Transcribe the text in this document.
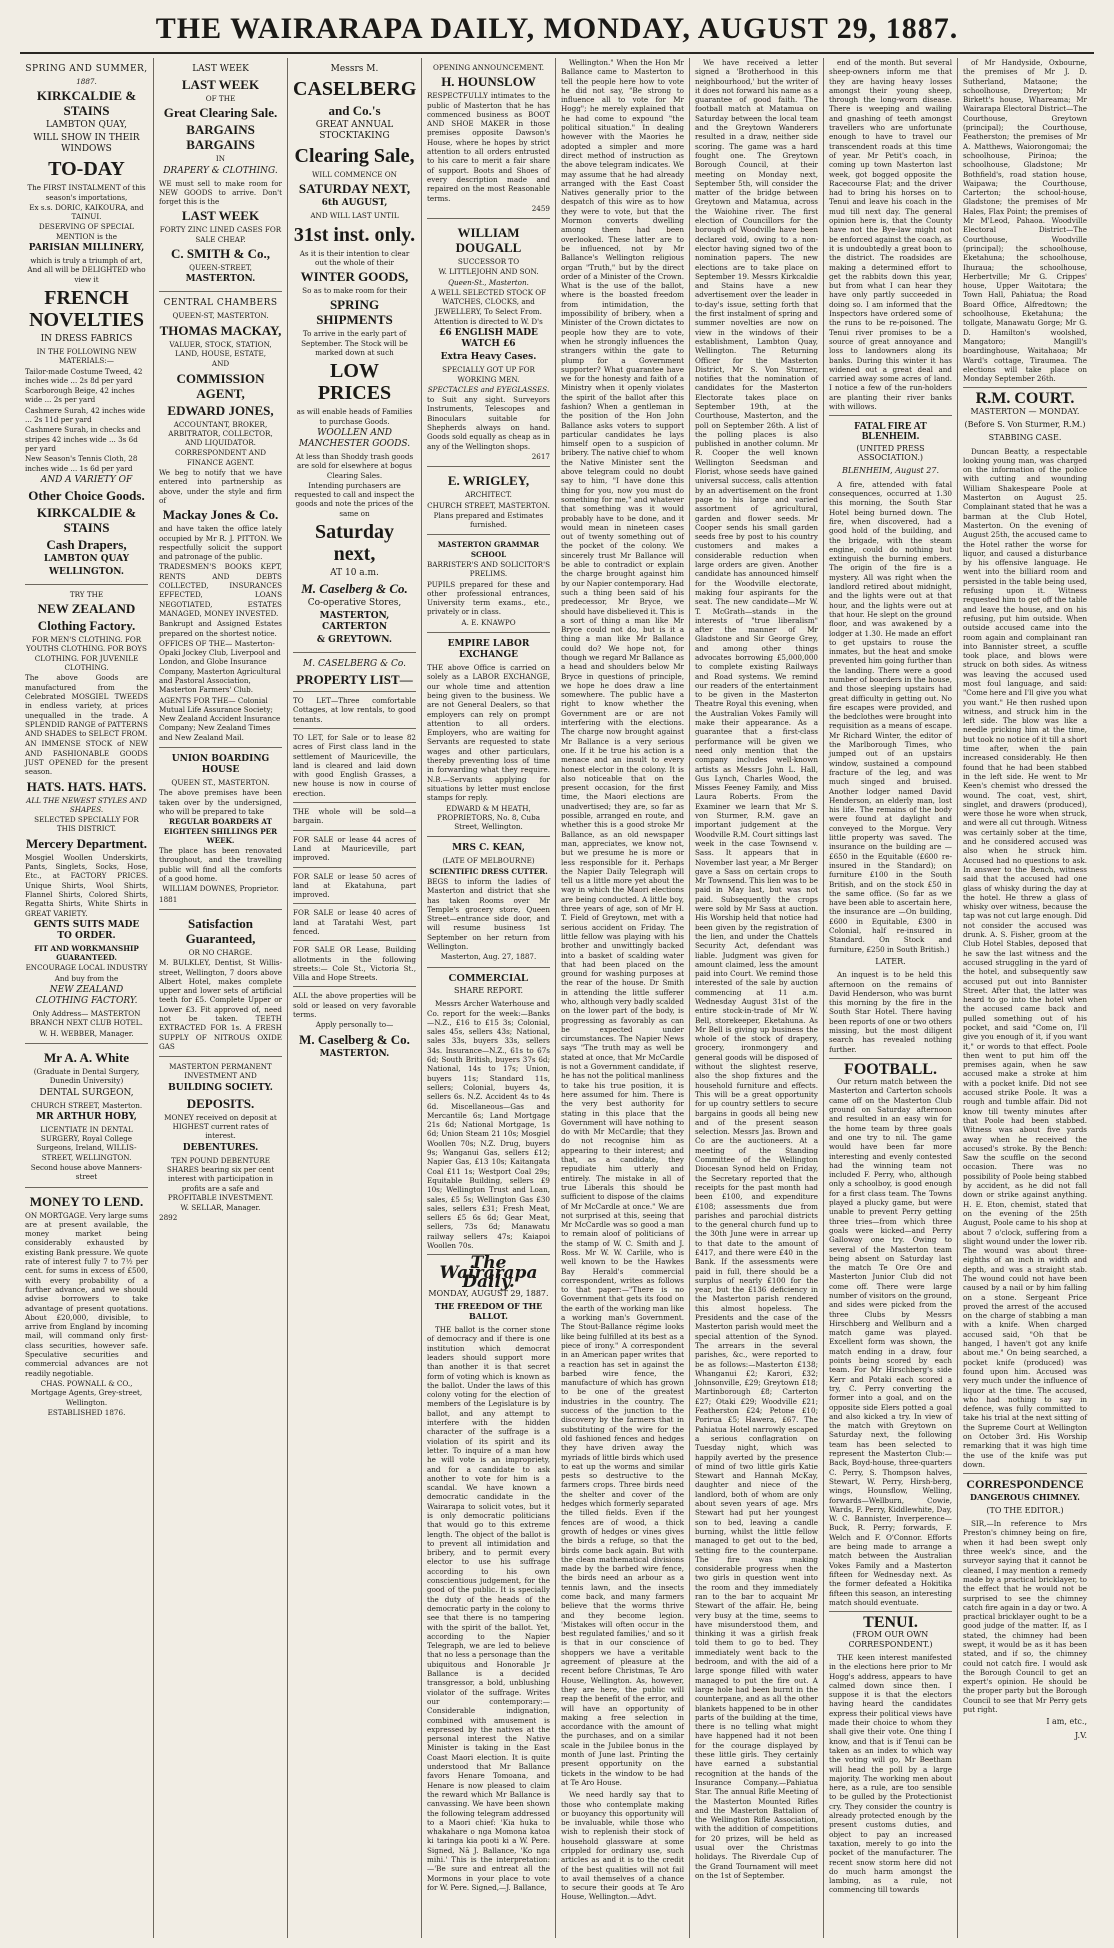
THE WAIRARAPA DAILY, MONDAY, AUGUST 29, 1887.
SPRING AND SUMMER,
1887.
KIRKCALDIE & STAINS
LAMBTON QUAY,
WILL SHOW IN THEIR WINDOWS
TO-DAY
The FIRST INSTALMENT of this season's importations,
Ex s.s. DORIC, KAIKOURA, and TAINUI.
DESERVING OF SPECIAL MENTION is the
PARISIAN MILLINERY,
which is truly a triumph of art, And all will be DELIGHTED who view it
FRENCH NOVELTIES
IN DRESS FABRICS
IN THE FOLLOWING NEW MATERIALS:—
Tailor-made Costume Tweed, 42 inches wide ... 2s 8d per yard
Scarborough Beige, 42 inches wide ... 2s per yard
Cashmere Surah, 42 inches wide ... 2s 11d per yard
Cashmere Surah, in checks and stripes 42 inches wide ... 3s 6d per yard
New Season's Tennis Cloth, 28 inches wide ... 1s 6d per yard
AND A VARIETY OF
Other Choice Goods.
KIRKCALDIE & STAINS
Cash Drapers,
LAMBTON QUAY
WELLINGTON.
TRY THE
NEW ZEALAND
Clothing Factory.
FOR MEN'S CLOTHING. FOR YOUTHS CLOTHING. FOR BOYS CLOTHING. FOR JUVENILE CLOTHING.
The above Goods are manufactured from the Celebrated MOSGIEL TWEEDS in endless variety, at prices unequalled in the trade. A SPLENDID RANGE of PATTERNS AND SHADES to SELECT FROM.
AN IMMENSE STOCK of NEW AND FASHIONABLE GOODS JUST OPENED for the present season.
HATS. HATS. HATS.
ALL THE NEWEST STYLES AND SHAPES.
SELECTED SPECIALLY FOR THIS DISTRICT.
Mercery Department.
Mosgiel Woollen Underskirts, Pants, Singlets, Socks, Hose, Etc., at FACTORY PRICES. Unique Shirts, Wool Shirts, Flannel Shirts, Colored Shirts, Regatta Shirts, White Shirts in GREAT VARIETY.
GENTS SUITS MADE TO ORDER.
FIT AND WORKMANSHIP GUARANTEED.
ENCOURAGE LOCAL INDUSTRY
And buy from the
NEW ZEALAND CLOTHING FACTORY.
Only Address— MASTERTON BRANCH NEXT CLUB HOTEL.
W. H. WEBBER, Manager.
Mr A. A. White
(Graduate in Dental Surgery, Dunedin University)
DENTAL SURGEON,
CHURCH STREET, Masterton.
MR ARTHUR HOBY,
LICENTIATE IN DENTAL SURGERY, Royal College Surgeons, Ireland, WILLIS-STREET, WELLINGTON.
Second house above Manners-street
MONEY TO LEND.
ON MORTGAGE. Very large sums are at present available, the money market being considerably exhausted by existing Bank pressure. We quote rate of interest fully 7 to 7½ per cent. for sums in excess of £500, with every probability of a further advance, and we should advise borrowers to take advantage of present quotations. About £20,000, divisible, to arrive from England by incoming mail, will command only first-class securities, however safe. Speculative securities and commercial advances are not readily negotiable.
CHAS. POWNALL & CO., Mortgage Agents, Grey-street, Wellington.
ESTABLISHED 1876.
LAST WEEK
LAST WEEK
OF THE
Great Clearing Sale.
BARGAINS BARGAINS
IN
DRAPERY & CLOTHING.
WE must sell to make room for NEW GOODS to arrive. Don't forget this is the
LAST WEEK
FORTY ZINC LINED CASES FOR SALE CHEAP.
C. SMITH & Co.,
QUEEN-STREET,
MASTERTON.
CENTRAL CHAMBERS
QUEEN-ST, MASTERTON.
THOMAS MACKAY,
VALUER, STOCK, STATION, LAND, HOUSE, ESTATE,
AND
COMMISSION AGENT,
EDWARD JONES,
ACCOUNTANT, BROKER, ARBITRATOR, COLLECTOR, AND LIQUIDATOR.
CORRESPONDENT AND FINANCE AGENT.
We beg to notify that we have entered into partnership as above, under the style and firm of
Mackay Jones & Co.
and have taken the office lately occupied by Mr R. J. PITTON. We respectfully solicit the support and patronage of the public.
TRADESMEN'S BOOKS KEPT, RENTS AND DEBTS COLLECTED, INSURANCES EFFECTED, LOANS NEGOTIATED, ESTATES MANAGED, MONEY INVESTED.
Bankrupt and Assigned Estates prepared on the shortest notice.
OFFICES OF THE— Masterton-Opaki Jockey Club, Liverpool and London, and Globe Insurance Company, Masterton Agricultural and Pastoral Association, Masterton Farmers' Club.
AGENTS FOR THE— Colonial Mutual Life Assurance Society; New Zealand Accident Insurance Company; New Zealand Times and New Zealand Mail.
UNION BOARDING HOUSE
QUEEN ST., MASTERTON.
The above premises have been taken over by the undersigned, who will be prepared to take
REGULAR BOARDERS AT EIGHTEEN SHILLINGS PER WEEK.
The place has been renovated throughout, and the travelling public will find all the comforts of a good home.
WILLIAM DOWNES, Proprietor.
1881
Satisfaction Guaranteed,
OR NO CHARGE.
M. BULKLEY, Dentist, St Willis-street, Wellington, 7 doors above Albert Hotel, makes complete upper and lower sets of artificial teeth for £5. Complete Upper or Lower £3. Fit approved of, need not be taken. TEETH EXTRACTED FOR 1s. A FRESH SUPPLY OF NITROUS OXIDE GAS
MASTERTON PERMANENT INVESTMENT AND
BUILDING SOCIETY.
DEPOSITS.
MONEY received on deposit at HIGHEST current rates of interest.
DEBENTURES.
TEN POUND DEBENTURE SHARES bearing six per cent interest with participation in profits are a safe and PROFITABLE INVESTMENT.
W. SELLAR, Manager.
2892
Messrs M.
CASELBERG
and Co.'s
GREAT ANNUAL STOCKTAKING
Clearing Sale,
WILL COMMENCE ON
SATURDAY NEXT,
6th AUGUST,
AND WILL LAST UNTIL
31st inst. only.
As it is their intention to clear out the whole of their
WINTER GOODS,
So as to make room for their
SPRING SHIPMENTS
To arrive in the early part of September. The Stock will be marked down at such
LOW PRICES
as will enable heads of Families to purchase Goods.
WOOLLEN AND MANCHESTER GOODS.
At less than Shoddy trash goods are sold for elsewhere at bogus Clearing Sales.
Intending purchasers are requested to call and inspect the goods and note the prices of the same on
Saturday next,
AT 10 a.m.
M. Caselberg & Co.
Co-operative Stores,
MASTERTON, CARTERTON
& GREYTOWN.
M. CASELBERG & Co.
PROPERTY LIST—
TO LET—Three comfortable Cottages, at low rentals, to good tenants.
TO LET, for Sale or to lease 82 acres of First class land in the settlement of Mauriceville, the land is cleared and laid down with good English Grasses, a new house is now in course of erection.
THE whole will be sold—a bargain.
FOR SALE or lease 44 acres of Land at Mauriceville, part improved.
FOR SALE or lease 50 acres of land at Ekatahuna, part improved.
FOR SALE or lease 40 acres of land at Taratahi West, part fenced.
FOR SALE OR Lease, Building allotments in the following streets:— Cole St., Victoria St., Villa and Hope Streets.
ALL the above properties will be sold or leased on very favorable terms.
Apply personally to—
M. Caselberg & Co.
MASTERTON.
OPENING ANNOUNCEMENT.
H. HOUNSLOW
RESPECTFULLY intimates to the public of Masterton that he has commenced business as BOOT AND SHOE MAKER in those premises opposite Dawson's House, where he hopes by strict attention to all orders entrusted to his care to merit a fair share of support. Boots and Shoes of every description made and repaired on the most Reasonable terms.
2459
WILLIAM DOUGALL
SUCCESSOR TO
W. LITTLEJOHN AND SON.
Queen-St., Masterton.
A WELL SELECTED STOCK OF WATCHES, CLOCKS, and JEWELLERY, To Select From.
Attention is directed to W. D's
£6 ENGLISH MADE WATCH £6
Extra Heavy Cases.
SPECIALLY GOT UP FOR WORKING MEN.
SPECTACLES and EYEGLASSES.
to Suit any sight. Surveyors Instruments, Telescopes and Binoculars suitable for Shepherds always on hand. Goods sold equally as cheap as in any of the Wellington shops.
2617
E. WRIGLEY,
ARCHITECT.
CHURCH STREET, MASTERTON.
Plans prepared and Estimates furnished.
MASTERTON GRAMMAR SCHOOL
BARRISTER'S AND SOLICITOR'S PRELIMS.
PUPILS prepared for these and other professional entrances, University term exams., etc., privately or in class.
A. E. KNAWPO
EMPIRE LABOR EXCHANGE
THE above Office is carried on solely as a LABOR EXCHANGE, our whole time and attention being given to the business. We are not General Dealers, so that employers can rely on prompt attention to all orders. Employers, who are waiting for Servants are requested to state wages and other particulars, thereby preventing loss of time in forwarding what they require. N.B.—Servants applying for situations by letter must enclose stamps for reply.
EDWARD & M HEATH, PROPRIETORS, No. 8, Cuba Street, Wellington.
MRS C. KEAN,
(LATE OF MELBOURNE)
SCIENTIFIC DRESS CUTTER.
BEGS to inform the ladies of Masterton and district that she has taken Rooms over Mr Temple's grocery store, Queen Street—entrance side door, and will resume business 1st September on her return from Wellington.
Masterton, Aug. 27, 1887.
COMMERCIAL
SHARE REPORT.

Messrs Archer Waterhouse and Co. report for the week:—Banks—N.Z., £16 to £15 3s; Colonial, sales 45s, sellers 43s; National, sales 33s, buyers 33s, sellers 34s. Insurance—N.Z., 61s to 67s 6d; South British, buyers 37s 6d; National, 14s to 17s; Union, buyers 11s; Standard 11s, sellers; Colonial, buyers 4s, sellers 6s. N.Z. Accident 4s to 4s 6d. Miscellaneous—Gas and Mercantile 6s; Land Mortgage 21s 6d; National Mortgage, 1s 6d; Union Steam 21 10s; Mosgiel Woollen 70s; N.Z. Drug, buyers 9s; Wanganui Gas, sellers £12; Napier Gas, £13 10s; Kaitangata Coal £11 1s; Westport Coal 29s; Equitable Building, sellers £9 10s; Wellington Trust and Loan, sales, £5 5s; Wellington Gas £30 sales, sellers £31; Fresh Meat, sellers £5 6s 6d; Gear Meat, sellers, 73s 6d; Manawatu railway sellers 47s; Kaiapoi Woollen 70s.

The Wairarapa Daily.
MONDAY, AUGUST 29, 1887.
THE FREEDOM OF THE BALLOT.

THE ballot is the corner stone of democracy and if there is one institution which democrat leaders should support more than another it is that secret form of voting which is known as the ballot. Under the laws of this colony voting for the election of members of the Legislature is by ballot, and any attempt to interfere with the hidden character of the suffrage is a violation of its spirit and its letter. To inquire of a man how he will vote is an impropriety, and for a candidate to ask another to vote for him is a scandal. We have known a democratic candidate in the Wairarapa to solicit votes, but it is only democratic politicians that would go to this extreme length. The object of the ballot is to prevent all intimidation and bribery, and to permit every elector to use his suffrage according to his own conscientious judgement, for the good of the public. It is specially the duty of the heads of the democratic party in the colony to see that there is no tampering with the spirit of the ballot. Yet, according to the Napier Telegraph, we are led to believe that no less a personage than the ubiquitous and Honorable Jr Ballance is a decided transgressor, a bold, unblushing violator of the suffrage. Writes our contemporary:— Considerable indignation, combined with amusement is expressed by the natives at the personal interest the Native Minister is taking in the East Coast Maori election. It is quite understood that Mr Ballance favors Henare Tomoana, and Henare is now pleased to claim the reward which Mr Ballance is canvassing. We have been shown the following telegram addressed to a Maori chief: 'Kia huka to whakahare o nga Momona katoa ki taringa kia pooti ki a W. Pere. Signed, Nā J. Ballance, 'Ko nga mihi.' This is the interpretation:—'Be sure and entreat all the Mormons in your place to vote for W. Pere. Signed,—J. Ballance,

Wellington." When the Hon Mr Ballance came to Masterton to tell the people here how to vote he did not say, "Be strong to influence all to vote for Mr Hogg"; he merely explained that he had come to expound "the political situation." In dealing however with the Maories he adopted a simpler and more direct method of instruction as the above telegram indicates. We may assume that he had already arranged with the East Coast Natives generally prior to the despatch of this wire as to how they were to vote, but that the Mormon converts dwelling among them had been overlooked. These latter are to be influenced, not by Mr Ballance's Wellington religious organ "Truth," but by the direct order of a Minister of the Crown. What is the use of the ballot, where is the boasted freedom from intimidation, the impossibility of bribery, when a Minister of the Crown dictates to people how they are to vote, when he strongly influences the strangers within the gate to plump for a Government supporter? What guarantee have we for the honesty and faith of a Ministry when it openly violates the spirit of the ballot after this fashion? When a gentleman in the position of the Hon John Ballance asks voters to support particular candidates he lays himself open to a suspicion of bribery. The native chief to whom the Native Minister sent the above telegram could no doubt say to him, "I have done this thing for you, now you must do something for me," and whatever that something was it would probably have to be done, and it would mean in nineteen cases out of twenty something out of the pocket of the colony. We sincerely trust Mr Ballance will be able to contradict or explain the charge brought against him by our Napier contemporary. Had such a thing been said of his predecessor, Mr Bryce, we should have disbelieved it. This is a sort of thing a man like Mr Bryce could not do, but is it a thing a man like Mr Ballance could do? We hope not, for though we regard Mr Ballance as a head and shoulders below Mr Bryce in questions of principle, we hope he does draw a line somewhere. The public have a right to know whether the Government are or are not interfering with the elections. The charge now brought against Mr Ballance is a very serious one. If it be true his action is a menace and an insult to every honest elector in the colony. It is also noticeable that on the present occasion, for the first time, the Maori elections are unadvertised; they are, so far as possible, arranged en route, and whether this is a good stroke Mr Ballance, as an old newspaper man, appreciates, we know not, but we presume he is more or less responsible for it. Perhaps the Napier Daily Telegraph will tell us a little more yet about the way in which the Maori elections are being conducted. A little boy, three years of age, son of Mr H. T. Field of Greytown, met with a serious accident on Friday. The little fellow was playing with his brother and unwittingly backed into a basket of scalding water that had been placed on the ground for washing purposes at the rear of the house. Dr Smith in attending the little sufferer who, although very badly scalded on the lower part of the body, is progressing as favorably as can be expected under circumstances. The Napier News says "The truth may as well be stated at once, that Mr McCardle is not a Government candidate, if he has not the political manliness to take his true position, it is here assumed for him. There is the very best authority for stating in this place that the Government will have nothing to do with Mr McCardle; that they do not recognise him as appearing to their interest; and that, as a candidate, they repudiate him utterly and entirely. The mistake in all of true Liberals this should be sufficient to dispose of the claims of Mr McCardle at once." We are not surprised at this, seeing that Mr McCardle was so good a man to remain aloof of politicians of the stamp of W. C. Smith and J. Ross. Mr W. W. Carlile, who is well known to be the Hawkes Bay Herald's commercial correspondent, writes as follows to that paper:—"There is no Government that gets its food on the earth of the working man like a working man's Government. The Stout-Ballance régime looks like being fulfilled at its best as a piece of irony." A correspondent in an American paper writes that a reaction has set in against the barbed wire fence, the manufacture of which has grown to be one of the greatest industries in the country. The success of the junction to the discovery by the farmers that in substituting of the wire for the old fashioned fences and hedges they have driven away the myriads of little birds which used to eat up the worms and similar pests so destructive to the farmers crops. Three birds need the shelter and cover of the hedges which formerly separated the tilled fields. Even if the fences are of wood, a thick growth of hedges or vines gives the birds a refuge, so that the birds come back again. But with the clean mathematical divisions made by the barbed wire fence, the birds need an arbour as a tennis lawn, and the insects come back, and many farmers believe that the worms thrive and they become legion. 'Mistakes will often occur in the best regulated families,' and so it is that in our conscience of shoppers we have a veritable agreement of pleasure at the recent before Christmas, Te Aro House, Wellington. As, however, they are here, the public will reap the benefit of the error, and will have an opportunity of making a free selection in accordance with the amount of the purchases, and on a similar scale in the Jubilee bonus in the month of June last. Printing the present opportunity on the tickets in the window to be had at Te Aro House.

We need hardly say that to those who contemplate making or buoyancy this opportunity will be invaluable, while those who wish to replenish their stock of household glassware at some crippled for ordinary use, such articles as and it is to the credit of the best qualities will not fail to avail themselves of a chance to secure their goods at Te Aro House, Wellington.—Advt.

We have received a letter signed a 'Brotherhood in this neighbourhood,' but the writer of it does not forward his name as a guarantee of good faith. The football match at Matamua on Saturday between the local team and the Greytown Wanderers resulted in a draw, neither side scoring. The game was a hard fought one. The Greytown Borough Council, at their meeting on Monday next, September 5th, will consider the matter of the bridge between Greytown and Matamua, across the Waiohine river. The first election of Councillors for the borough of Woodville have been declared void, owing to a non-elector having signed two of the nomination papers. The new elections are to take place on September 19. Messrs Kirkcaldie and Stains have a new advertisement over the leader in to-day's issue, setting forth that the first instalment of spring and summer novelties are now on view in the windows of their establishment, Lambton Quay, Wellington. The Returning Officer for the Masterton District, Mr S. Von Sturmer, notifies that the nomination of candidates for the Masterton Electorate takes place on September 19th, at the Courthouse, Masterton, and the poll on September 26th. A list of the polling places is also published in another column. Mr R. Cooper the well known Wellington Seedsman and Florist, whose seeds have gained universal success, calls attention by an advertisement on the front page to his large and varied assortment of agricultural, garden and flower seeds. Mr Cooper sends his small garden seeds free by post to his country customers and makes a considerable reduction when large orders are given. Another candidate has announced himself for the Woodville electorate, making four aspirants for the seat. The new candidate—Mr W. T. McGrath—stands in the interests of "true liberalism" after the manner of Mr Gladstone and Sir George Grey, and among other things advocates borrowing £5,000,000 to complete existing Railways and Road systems. We remind our readers of the entertainment to be given in the Masterton Theatre Royal this evening, when the Australian Vokes Family will make their appearance. As a guarantee that a first-class performance will be given we need only mention that the company includes well-known artists as Messrs John L. Hall, Gus Lynch, Charles Wood, the Misses Feeney Family, and Miss Laura Roberts. From the Examiner we learn that Mr S. von Sturmer, R.M. gave an important judgement at the Woodville R.M. Court sittings last week in the case Townsend v. Sass. It appears that in November last year, a Mr Berger gave a Sass on certain crops to Mr Townsend. This lien was to be paid in May last, but was not paid. Subsequently the crops were sold by Mr Sass at auction. His Worship held that notice had been given by the registration of the lien, and under the Chattels Security Act, defendant was liable. Judgment was given for amount claimed, less the amount paid into Court. We remind those interested of the sale by auction commencing at 11 a.m. Wednesday August 31st of the entire stock-in-trade of Mr W. Bell, storekeeper, Eketahuna. As Mr Bell is giving up business the whole of the stock of drapery, grocery, ironmongery and general goods will be disposed of without the slightest reserve, also the shop fixtures and the household furniture and effects. This will be a great opportunity for up country settlers to secure bargains in goods all being new and of the present season selection. Messrs Jas. Brown and Co are the auctioneers. At a meeting of the Standing Committee of the Wellington Diocesan Synod held on Friday, the Secretary reported that the receipts for the past month had been £100, and expenditure £108; assessments due from parishes and parochial districts to the general church fund up to the 30th June were in arrear up to that date to the amount of £417, and there were £40 in the Bank. If the assessments were paid in full, there should be a surplus of nearly £100 for the year, but the £136 deficiency in the Masterton parish rendered this almost hopeless. The Presidents and the case of the Masterton parish would meet the special attention of the Synod. The arrears in the several parishes, &c., were reported to be as follows:—Masterton £138; Whanganui £2; Karori, £32; Johnsonville, £29; Greytown £18; Martinborough £8; Carterton £27; Otaki £29; Woodville £21; Featherston £24; Petone £10; Porirua £5; Hawera, £67. The Pahiatua Hotel narrowly escaped a serious conflagration on Tuesday night, which was happily averted by the presence of mind of two little girls Katie Stewart and Hannah McKay, daughter and niece of the landlord, both of whom are only about seven years of age. Mrs Stewart had put her youngest son to bed, leaving a candle burning, whilst the little fellow managed to get out to the bed, setting fire to the counterpane. The fire was making considerable progress when the two girls in question went into the room and they immediately ran to the bar to acquaint Mr Stewart of the affair. He, being very busy at the time, seems to have misunderstood them, and thinking it was a girlish freak told them to go to bed. They immediately went back to the bedroom, and with the aid of a large sponge filled with water managed to put the fire out. A large hole had been burnt in the counterpane, and as all the other blankets happened to be in other parts of the building at the time, there is no telling what might have happened had it not been for the courage displayed by these little girls. They certainly have earned a substantial recognition at the hands of the Insurance Company.—Pahiatua Star. The annual Rifle Meeting of the Masterton Mounted Rifles and the Masterton Battalion of the Wellington Rifle Association, with the addition of competitions for 20 prizes, will be held as usual over the Christmas holidays. The Riverdale Cup of the Grand Tournament will meet on the 1st of September.

end of the month. But several sheep-owners inform me that they are having heavy losses amongst their young sheep, through the long-worn disease. There is weeping and wailing and gnashing of teeth amongst travellers who are unfortunate enough to have to travel our transcendent roads at this time of year. Mr Petit's coach, in coming up town Masterton last week, got bogged opposite the Racecourse Flat; and the driver had to bring his horses on to Tenui and leave his coach in the mud till next day. The general opinion here is, that the County have not the Bye-law might not be enforced against the coach, as it is undoubtedly a great boon to the district. The roadsides are making a determined effort to get the rabbits down this year, but from what I can hear they have only partly succeeded in doing so. I am informed that the Inspectors have ordered some of the runs to be re-poisoned. The Tenui river promises to be a source of great annoyance and loss to landowners along its banks. During this winter it has widened out a great deal and carried away some acres of land. I notice a few of the run-holders are planting their river banks with willows.

FATAL FIRE AT BLENHEIM.
(UNITED PRESS ASSOCIATION.)
BLENHEIM, August 27.

A fire, attended with fatal consequences, occurred at 1.30 this morning, the South Star Hotel being burned down. The fire, when discovered, had a good hold of the building, and the brigade, with the steam engine, could do nothing but extinguish the burning embers. The origin of the fire is a mystery. All was right when the landlord retired about midnight, and the lights were out at that hour, and the lights were out at that hour. He slept on the ground floor, and was awakened by a lodger at 1.30. He made an effort to get upstairs to rouse the inmates, but the heat and smoke prevented him going further than the landing. There were a good number of boarders in the house, and those sleeping upstairs had great difficulty in getting out. No fire escapes were provided, and the bedclothes were brought into requisition as a means of escape. Mr Richard Winter, the editor of the Marlborough Times, who jumped out of an upstairs window, sustained a compound fracture of the leg, and was much singed and bruised. Another lodger named David Henderson, an elderly man, lost his life. The remains of the body were found at daylight and conveyed to the Morgue. Very little property was saved. The insurance on the building are —£650 in the Equitable (£600 re-insured in the Standard); on furniture £100 in the South British, and on the stock £50 in the same office. (So far as we have been able to ascertain here, the insurance are —On building, £600 in Equitable, £300 in Colonial, half re-insured in Standard. On Stock and furniture, £250 in South British.)

LATER.

An inquest is to be held this afternoon on the remains of David Henderson, who was burnt this morning by the fire in the South Star Hotel. There having been reports of one or two others missing, but the most diligent search has revealed nothing further.

FOOTBALL.

Our return match between the Masterton and Carterton schools came off on the Masterton Club ground on Saturday afternoon and resulted in an easy win for the home team by three goals and one try to nil. The game would have been far more interesting and evenly contested had the winning team not included F. Perry, who, although only a schoolboy, is good enough for a first class team. The Towns played a plucky game, but were unable to prevent Perry getting three tries—from which three goals were kicked—and Perry Galloway one try. Owing to several of the Masterton team being absent on Saturday last the match Te Ore Ore and Masterton Junior Club did not come off. There were large number of visitors on the ground, and sides were picked from the three Clubs by Messrs Hirschberg and Wellburn and a match game was played. Excellent form was shown, the match ending in a draw, four points being scored by each team. For Mr Hirschberg's side Kerr and Potaki each scored a try, C. Perry converting the former into a goal, and on the opposite side Elers potted a goal and also kicked a try. In view of the match with Greytown on Saturday next, the following team has been selected to represent the Masterton Club:—Back, Boyd-house, three-quarters C. Perry, S. Thompson halves, Stewart, W. Perry, Hirsh-berg, wings, Hounsflow, Welling, forwards—Wellburn, Cowie, Wards, F. Perry, Kiddlewhite, Day, W. C. Bannister, Inverperence—Buck, R. Perry; forwards, F. Welch and F. O'Connor. Efforts are being made to arrange a match between the Australian Vokes Family and a Masterton fifteen for Wednesday next. As the former defeated a Hokitika fifteen this season, an interesting match should eventuate.

TENUI.
(FROM OUR OWN CORRESPONDENT.)

THE keen interest manifested in the elections here prior to Mr Hogg's address, appears to have calmed down since then. I suppose it is that the electors having heard the candidates express their political views have made their choice to whom they shall give their vote. One thing I know, and that is if Tenui can be taken as an index to which way the voting will go, Mr Beetham will head the poll by a large majority. The working men about here, as a rule, are too sensible to be gulled by the Protectionist cry. They consider the country is already protected enough by the present customs duties, and object to pay an increased taxation, merely to go into the pocket of the manufacturer. The recent snow storm here did not do much harm amongst the lambing, as a rule, not commencing till towards

of Mr Handyside, Oxbourne, the premises of Mr J. D. Sutherland, Mataone; the schoolhouse, Dreyerton; Mr Birkett's house, Whareama; Mr Wairarapa Electoral District—The Courthouse, Greytown (principal); the Courthouse, Featherston; the premises of Mr A. Matthews, Waiorongomai; the schoolhouse, Pirinoa; the schoolhouse, Gladstone; Mr Bothfield's, road station house, Waipawa; the Courthouse, Carterton; the school-house, Gladstone; the premises of Mr Hales, Flax Point; the premises of Mr M'Leod, Pahaoa. Woodville Electoral District—The Courthouse, Woodville (principal); the schoolhouse, Eketahuna; the schoolhouse, Ihuraua; the schoolhouse, Herbertville; Mr G. Crippes' house, Upper Waitotara; the Town Hall, Pahiatua; the Road Board Office, Alfredtown; the schoolhouse, Eketahuna; the tollgate, Manawatu Gorge; Mr G. D. Hamilton's woolshed, Mangatoro; Mangill's boardinghouse, Waitahaoa; Mr Ward's cottage, Tiraumea. The elections will take place on Monday September 26th.

R.M. COURT.
MASTERTON — MONDAY.
(Before S. Von Sturmer, R.M.)
STABBING CASE.

Duncan Beatty, a respectable looking young man, was charged on the information of the police with cutting and wounding William Shakespeare Poole at Masterton on August 25. Complainant stated that he was a barman at the Club Hotel, Masterton. On the evening of August 25th, the accused came to the Hotel rather the worse for liquor, and caused a disturbance by his offensive language. He went into the billiard room and persisted in the table being used, refusing upon it. Witness requested him to get off the table and leave the house, and on his refusing, put him outside. When outside accused came into the room again and complainant ran into Bannister street, a scuffle took place, and blows were struck on both sides. As witness was leaving the accused used most foul language, and said: "Come here and I'll give you what you want." He then rushed upon witness, and struck him in the left side. The blow was like a needle pricking him at the time, but took no notice of it till a short time after, when the pain increased considerably. He then found that he had been stabbed in the left side. He went to Mr Keen's chemist who dressed the wound. The coat, vest, shirt, singlet, and drawers (produced), were those he wore when struck, and were all cut through. Witness was certainly sober at the time, and he considered accused was also when he struck him. Accused had no questions to ask. In answer to the Bench, witness said that the accused had one glass of whisky during the day at the hotel. He threw a glass of whisky over witness, because the tap was not cut large enough. Did not consider the accused was drunk. A. S. Fisher, groom at the Club Hotel Stables, deposed that he saw the last witness and the accused struggling in the yard of the hotel, and subsequently saw accused put out into Bannister Street. After that, the latter was heard to go into the hotel when the accused came back and pulled something out of his pocket, and said "Come on, I'll give you enough of it, if you want it," or words to that effect. Poole then went to put him off the premises again, when he saw accused make a stroke at him with a pocket knife. Did not see accused strike Poole. It was a rough and tumble affair. Did not know till twenty minutes after that Poole had been stabbed. Witness was about five yards away when he received the accused's stroke. By the Bench: Saw the scuffle on the second occasion. There was no possibility of Poole being stabbed by accident, as he did not fall down or strike against anything. H. E. Eton, chemist, stated that on the evening of the 25th August, Poole came to his shop at about 7 o'clock, suffering from a slight wound under the lower rib. The wound was about three-eighths of an inch in width and depth, and was a straight stab. The wound could not have been caused by a nail or by him falling on a stone. Sergeant Price proved the arrest of the accused on the charge of stabbing a man with a knife. When charged accused said, "Oh that be hanged, I haven't got any knife about me." On being searched, a pocket knife (produced) was found upon him. Accused was very much under the influence of liquor at the time. The accused, who had nothing to say in defence, was fully committed to take his trial at the next sitting of the Supreme Court at Wellington on October 3rd. His Worship remarking that it was high time the use of the knife was put down.

CORRESPONDENCE
DANGEROUS CHIMNEY.
(TO THE EDITOR.)

SIR,—In reference to Mrs Preston's chimney being on fire, when it had been swept only three week's since, and the surveyor saying that it cannot be cleaned, I may mention a remedy made by a practical bricklayer, to the effect that he would not be surprised to see the chimney catch fire again in a day or two. A practical bricklayer ought to be a good judge of the matter. If, as I stated, the chimney had been swept, it would be as it has been stated, and if so, the chimney could not catch fire. I would ask the Borough Council to get an expert's opinion. He should be the proper party but the Borough Council to see that Mr Perry gets put right.

I am, etc.,
J.V.
